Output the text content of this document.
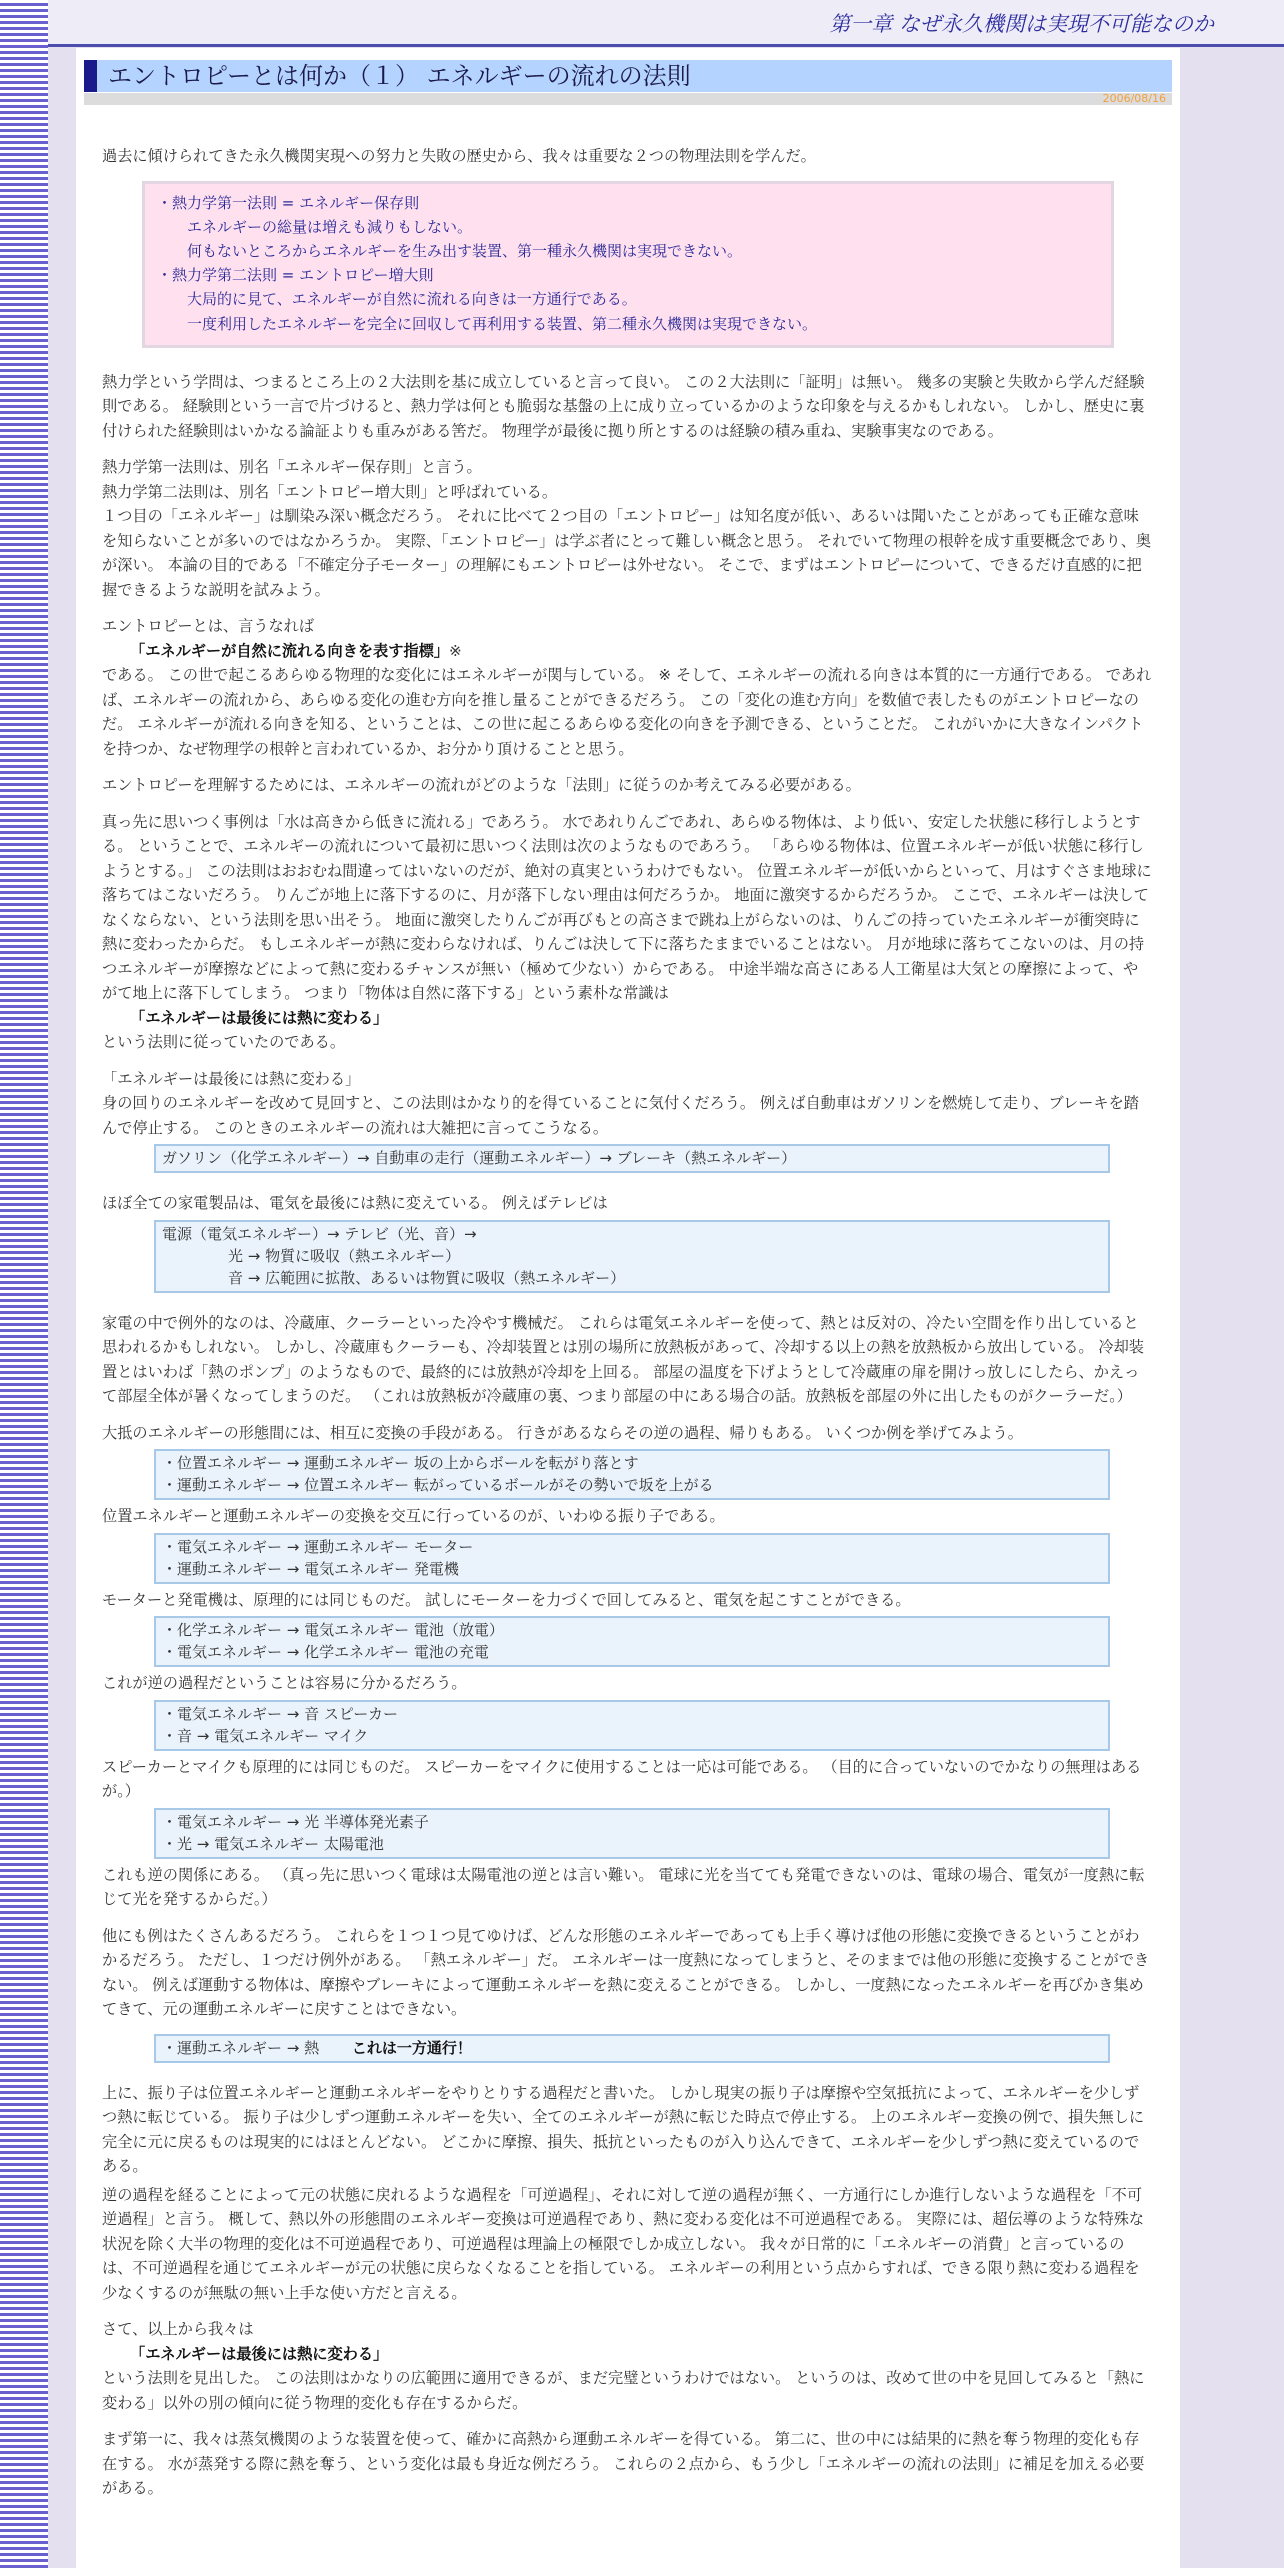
第一章 なぜ永久機関は実現不可能なのか
エントロピーとは何か（１） エネルギーの流れの法則
2006/08/16

過去に傾けられてきた永久機関実現への努力と失敗の歴史から、我々は重要な２つの物理法則を学んだ。

・熱力学第一法則 = エネルギー保存則
エネルギーの総量は増えも減りもしない。
何もないところからエネルギーを生み出す装置、第一種永久機関は実現できない。
・熱力学第二法則 = エントロピー増大則
大局的に見て、エネルギーが自然に流れる向きは一方通行である。
一度利用したエネルギーを完全に回収して再利用する装置、第二種永久機関は実現できない。

熱力学という学問は、つまるところ上の２大法則を基に成立していると言って良い。 この２大法則に「証明」は無い。 幾多の実験と失敗から学んだ経験則である。 経験則という一言で片づけると、熱力学は何とも脆弱な基盤の上に成り立っているかのような印象を与えるかもしれない。 しかし、歴史に裏付けられた経験則はいかなる論証よりも重みがある筈だ。 物理学が最後に拠り所とするのは経験の積み重ね、実験事実なのである。

熱力学第一法則は、別名「エネルギー保存則」と言う。
熱力学第二法則は、別名「エントロピー増大則」と呼ばれている。
１つ目の「エネルギー」は馴染み深い概念だろう。 それに比べて２つ目の「エントロピー」は知名度が低い、あるいは聞いたことがあっても正確な意味を知らないことが多いのではなかろうか。 実際、「エントロピー」は学ぶ者にとって難しい概念と思う。 それでいて物理の根幹を成す重要概念であり、奥が深い。 本論の目的である「不確定分子モーター」の理解にもエントロピーは外せない。 そこで、まずはエントロピーについて、できるだけ直感的に把握できるような説明を試みよう。

エントロピーとは、言うなれば
「エネルギーが自然に流れる向きを表す指標」※
である。 この世で起こるあらゆる物理的な変化にはエネルギーが関与している。 ※ そして、エネルギーの流れる向きは本質的に一方通行である。 であれば、エネルギーの流れから、あらゆる変化の進む方向を推し量ることができるだろう。 この「変化の進む方向」を数値で表したものがエントロピーなのだ。 エネルギーが流れる向きを知る、ということは、この世に起こるあらゆる変化の向きを予測できる、ということだ。 これがいかに大きなインパクトを持つか、なぜ物理学の根幹と言われているか、お分かり頂けることと思う。

エントロピーを理解するためには、エネルギーの流れがどのような「法則」に従うのか考えてみる必要がある。

真っ先に思いつく事例は「水は高きから低きに流れる」であろう。 水であれりんごであれ、あらゆる物体は、より低い、安定した状態に移行しようとする。 ということで、エネルギーの流れについて最初に思いつく法則は次のようなものであろう。 「あらゆる物体は、位置エネルギーが低い状態に移行しようとする。」 この法則はおおむね間違ってはいないのだが、絶対の真実というわけでもない。 位置エネルギーが低いからといって、月はすぐさま地球に落ちてはこないだろう。 りんごが地上に落下するのに、月が落下しない理由は何だろうか。 地面に激突するからだろうか。 ここで、エネルギーは決してなくならない、という法則を思い出そう。 地面に激突したりんごが再びもとの高さまで跳ね上がらないのは、りんごの持っていたエネルギーが衝突時に熱に変わったからだ。 もしエネルギーが熱に変わらなければ、りんごは決して下に落ちたままでいることはない。 月が地球に落ちてこないのは、月の持つエネルギーが摩擦などによって熱に変わるチャンスが無い（極めて少ない）からである。 中途半端な高さにある人工衛星は大気との摩擦によって、やがて地上に落下してしまう。 つまり「物体は自然に落下する」という素朴な常識は
「エネルギーは最後には熱に変わる」
という法則に従っていたのである。

「エネルギーは最後には熱に変わる」
身の回りのエネルギーを改めて見回すと、この法則はかなり的を得ていることに気付くだろう。 例えば自動車はガソリンを燃焼して走り、ブレーキを踏んで停止する。 このときのエネルギーの流れは大雑把に言ってこうなる。

ガソリン（化学エネルギー）→ 自動車の走行（運動エネルギー）→ ブレーキ（熱エネルギー）

ほぼ全ての家電製品は、電気を最後には熱に変えている。 例えばテレビは

電源（電気エネルギー）→ テレビ（光、音）→
光 → 物質に吸収（熱エネルギー）
音 → 広範囲に拡散、あるいは物質に吸収（熱エネルギー）

家電の中で例外的なのは、冷蔵庫、クーラーといった冷やす機械だ。 これらは電気エネルギーを使って、熱とは反対の、冷たい空間を作り出していると思われるかもしれない。 しかし、冷蔵庫もクーラーも、冷却装置とは別の場所に放熱板があって、冷却する以上の熱を放熱板から放出している。 冷却装置とはいわば「熱のポンプ」のようなもので、最終的には放熱が冷却を上回る。 部屋の温度を下げようとして冷蔵庫の扉を開けっ放しにしたら、かえって部屋全体が暑くなってしまうのだ。 （これは放熱板が冷蔵庫の裏、つまり部屋の中にある場合の話。放熱板を部屋の外に出したものがクーラーだ。）

大抵のエネルギーの形態間には、相互に変換の手段がある。 行きがあるならその逆の過程、帰りもある。 いくつか例を挙げてみよう。

・位置エネルギー → 運動エネルギー 坂の上からボールを転がり落とす
・運動エネルギー → 位置エネルギー 転がっているボールがその勢いで坂を上がる
位置エネルギーと運動エネルギーの変換を交互に行っているのが、いわゆる振り子である。
・電気エネルギー → 運動エネルギー モーター
・運動エネルギー → 電気エネルギー 発電機
モーターと発電機は、原理的には同じものだ。 試しにモーターを力づくで回してみると、電気を起こすことができる。
・化学エネルギー → 電気エネルギー 電池（放電）
・電気エネルギー → 化学エネルギー 電池の充電
これが逆の過程だということは容易に分かるだろう。
・電気エネルギー → 音 スピーカー
・音 → 電気エネルギー マイク
スピーカーとマイクも原理的には同じものだ。 スピーカーをマイクに使用することは一応は可能である。 （目的に合っていないのでかなりの無理はあるが。）
・電気エネルギー → 光 半導体発光素子
・光 → 電気エネルギー 太陽電池
これも逆の関係にある。 （真っ先に思いつく電球は太陽電池の逆とは言い難い。 電球に光を当てても発電できないのは、電球の場合、電気が一度熱に転じて光を発するからだ。）

他にも例はたくさんあるだろう。 これらを１つ１つ見てゆけば、どんな形態のエネルギーであっても上手く導けば他の形態に変換できるということがわかるだろう。 ただし、１つだけ例外がある。 「熱エネルギー」だ。 エネルギーは一度熱になってしまうと、そのままでは他の形態に変換することができない。 例えば運動する物体は、摩擦やブレーキによって運動エネルギーを熱に変えることができる。 しかし、一度熱になったエネルギーを再びかき集めてきて、元の運動エネルギーに戻すことはできない。

・運動エネルギー → 熱 これは一方通行！

上に、振り子は位置エネルギーと運動エネルギーをやりとりする過程だと書いた。 しかし現実の振り子は摩擦や空気抵抗によって、エネルギーを少しずつ熱に転じている。 振り子は少しずつ運動エネルギーを失い、全てのエネルギーが熱に転じた時点で停止する。 上のエネルギー変換の例で、損失無しに完全に元に戻るものは現実的にはほとんどない。 どこかに摩擦、損失、抵抗といったものが入り込んできて、エネルギーを少しずつ熱に変えているのである。

逆の過程を経ることによって元の状態に戻れるような過程を「可逆過程」、それに対して逆の過程が無く、一方通行にしか進行しないような過程を「不可逆過程」と言う。 概して、熱以外の形態間のエネルギー変換は可逆過程であり、熱に変わる変化は不可逆過程である。 実際には、超伝導のような特殊な状況を除く大半の物理的変化は不可逆過程であり、可逆過程は理論上の極限でしか成立しない。 我々が日常的に「エネルギーの消費」と言っているのは、不可逆過程を通じてエネルギーが元の状態に戻らなくなることを指している。 エネルギーの利用という点からすれば、できる限り熱に変わる過程を少なくするのが無駄の無い上手な使い方だと言える。

さて、以上から我々は
「エネルギーは最後には熱に変わる」
という法則を見出した。 この法則はかなりの広範囲に適用できるが、まだ完璧というわけではない。 というのは、改めて世の中を見回してみると「熱に変わる」以外の別の傾向に従う物理的変化も存在するからだ。

まず第一に、我々は蒸気機関のような装置を使って、確かに高熱から運動エネルギーを得ている。 第二に、世の中には結果的に熱を奪う物理的変化も存在する。 水が蒸発する際に熱を奪う、という変化は最も身近な例だろう。 これらの２点から、もう少し「エネルギーの流れの法則」に補足を加える必要がある。
